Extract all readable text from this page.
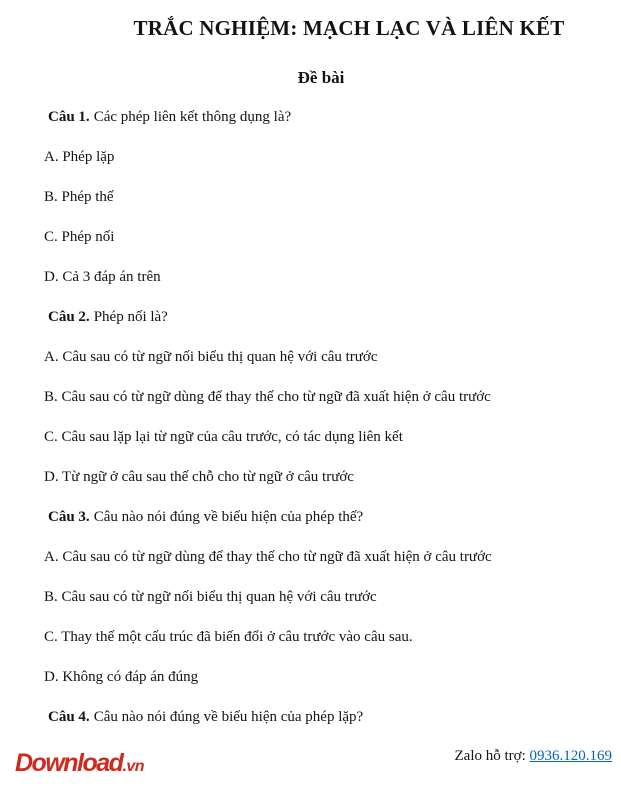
TRẮC NGHIỆM: MẠCH LẠC VÀ LIÊN KẾT
Đề bài

Câu 1. Các phép liên kết thông dụng là?

A. Phép lặp

B. Phép thế

C. Phép nối

D. Cả 3 đáp án trên

Câu 2. Phép nối là?

A. Câu sau có từ ngữ nối biểu thị quan hệ với câu trước

B. Câu sau có từ ngữ dùng để thay thế cho từ ngữ đã xuất hiện ở câu trước

C. Câu sau lặp lại từ ngữ của câu trước, có tác dụng liên kết

D. Từ ngữ ở câu sau thế chỗ cho từ ngữ ở câu trước

Câu 3. Câu nào nói đúng về biểu hiện của phép thế?

A. Câu sau có từ ngữ dùng để thay thế cho từ ngữ đã xuất hiện ở câu trước

B. Câu sau có từ ngữ nối biểu thị quan hệ với câu trước

C. Thay thế một cấu trúc đã biến đổi ở câu trước vào câu sau.

D. Không có đáp án đúng

Câu 4. Câu nào nói đúng về biểu hiện của phép lặp?

Download.vn
Zalo hỗ trợ: 0936.120.169
